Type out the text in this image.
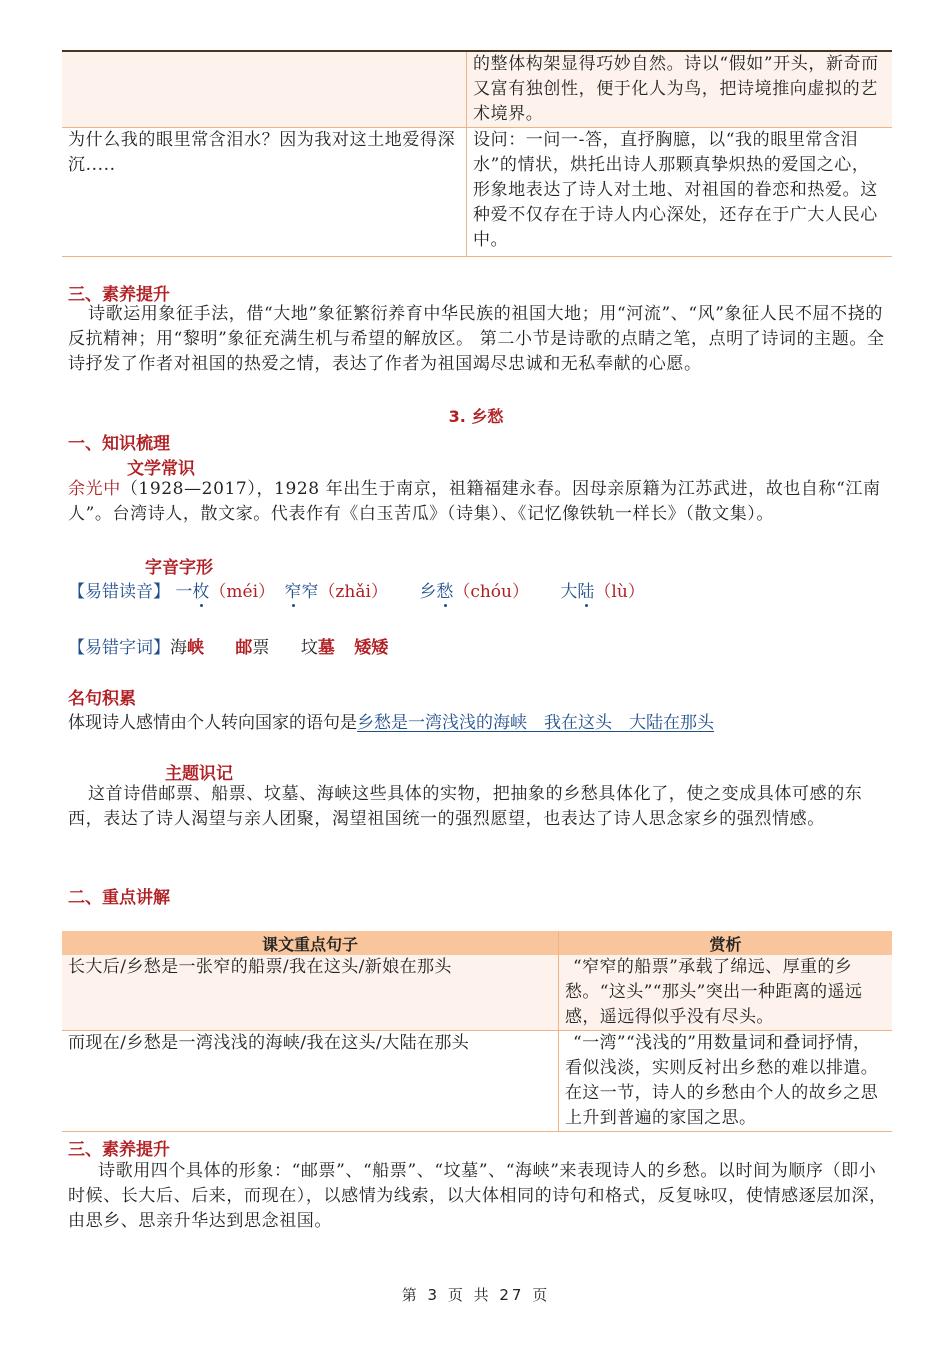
	的整体构架显得巧妙自然。诗以“假如”开头，新奇而又富有独创性，便于化人为鸟，把诗境推向虚拟的艺术境界。
为什么我的眼里常含泪水？因为我对这土地爱得深沉.....	设问：一问一-答，直抒胸臆，以“我的眼里常含泪水”的情状，烘托出诗人那颗真挚炽热的爱国之心，形象地表达了诗人对土地、对祖国的眷恋和热爱。这种爱不仅存在于诗人内心深处，还存在于广大人民心中。
三、素养提升
诗歌运用象征手法，借“大地”象征繁衍养育中华民族的祖国大地；用“河流”、“风”象征人民不屈不挠的反抗精神；用“黎明”象征充满生机与希望的解放区。 第二小节是诗歌的点睛之笔，点明了诗词的主题。全诗抒发了作者对祖国的热爱之情，表达了作者为祖国竭尽忠诚和无私奉献的心愿。
3. 乡愁
一、知识梳理
文学常识
余光中（1928—2017），1928 年出生于南京，祖籍福建永春。因母亲原籍为江苏武进，故也自称“江南人”。台湾诗人，散文家。代表作有《白玉苦瓜》（诗集）、《记忆像铁轨一样长》（散文集）。
字音字形
【易错读音】 一枚（méi） 窄窄（zhǎi） 乡愁（chóu） 大陆（lù）
【易错字词】海峡 邮票 坟墓 矮矮
名句积累
体现诗人感情由个人转向国家的语句是乡愁是一湾浅浅的海峡　我在这头　大陆在那头
主题识记
这首诗借邮票、船票、坟墓、海峡这些具体的实物，把抽象的乡愁具体化了，使之变成具体可感的东西，表达了诗人渴望与亲人团聚，渴望祖国统一的强烈愿望，也表达了诗人思念家乡的强烈情感。
二、重点讲解
课文重点句子	赏析
长大后/乡愁是一张窄的船票/我在这头/新娘在那头	“窄窄的船票”承载了绵远、厚重的乡愁。“这头”“那头”突出一种距离的遥远感，遥远得似乎没有尽头。
而现在/乡愁是一湾浅浅的海峡/我在这头/大陆在那头	“一湾”“浅浅的”用数量词和叠词抒情，看似浅淡，实则反衬出乡愁的难以排遣。在这一节，诗人的乡愁由个人的故乡之思上升到普遍的家国之思。
三、素养提升
诗歌用四个具体的形象：“邮票”、“船票”、“坟墓”、“海峡”来表现诗人的乡愁。以时间为顺序（即小时候、长大后、后来，而现在），以感情为线索，以大体相同的诗句和格式，反复咏叹，使情感逐层加深，由思乡、思亲升华达到思念祖国。
第 3 页 共 27 页
